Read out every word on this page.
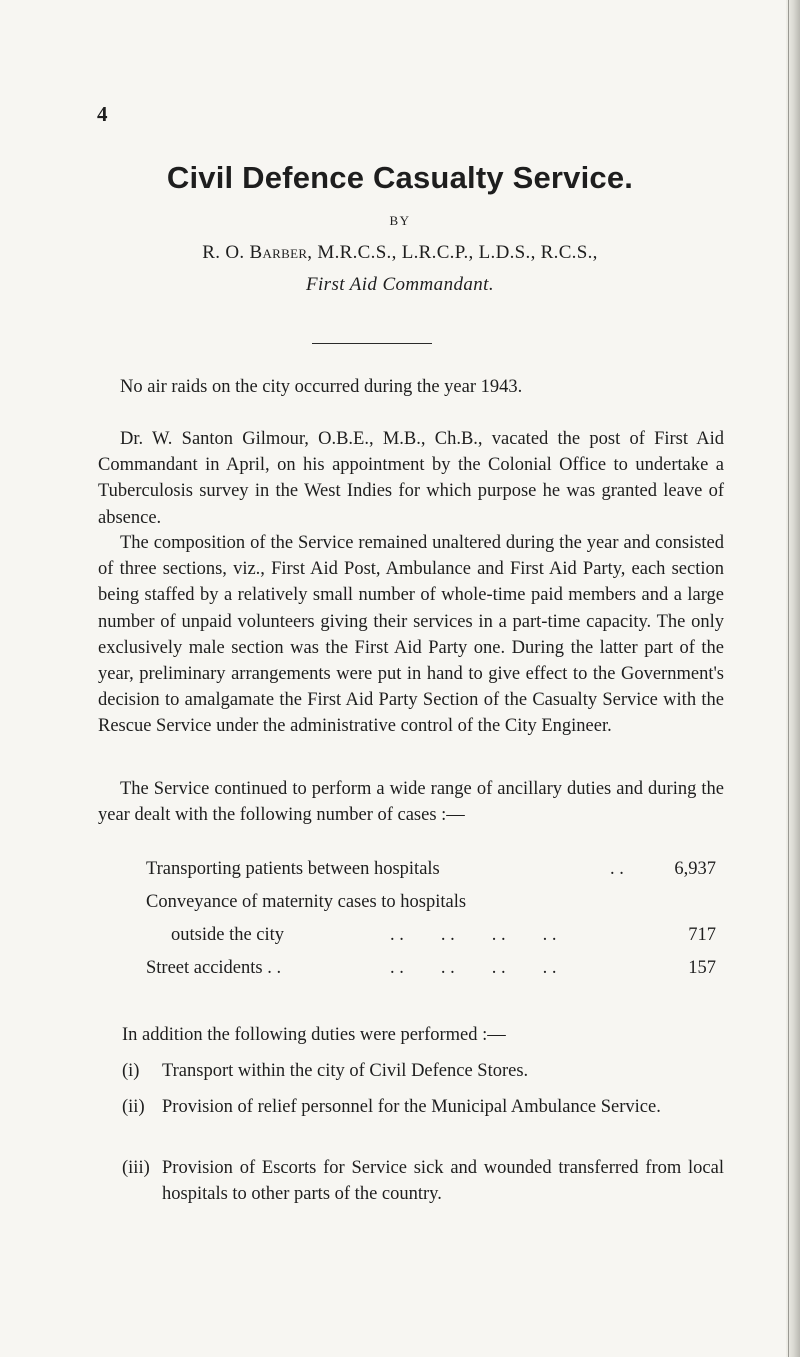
4
Civil Defence Casualty Service.
BY
R. O. Barber, M.R.C.S., L.R.C.P., L.D.S., R.C.S.,
First Aid Commandant.

No air raids on the city occurred during the year 1943.

Dr. W. Santon Gilmour, O.B.E., M.B., Ch.B., vacated the post of First Aid Commandant in April, on his appointment by the Colonial Office to undertake a Tuberculosis survey in the West Indies for which purpose he was granted leave of absence.

The composition of the Service remained unaltered during the year and consisted of three sections, viz., First Aid Post, Ambulance and First Aid Party, each section being staffed by a relatively small number of whole-time paid members and a large number of unpaid volunteers giving their services in a part-time capacity. The only exclusively male section was the First Aid Party one. During the latter part of the year, preliminary arrangements were put in hand to give effect to the Government's decision to amalgamate the First Aid Party Section of the Casualty Service with the Rescue Service under the administrative control of the City Engineer.

The Service continued to perform a wide range of ancillary duties and during the year dealt with the following number of cases :—

Transporting patients between hospitals	. .	6,937
Conveyance of maternity cases to hospitals
outside the city	. .        . .        . .        . .	717
Street accidents . .	. .        . .        . .        . .	157
In addition the following duties were performed :—
(i) Transport within the city of Civil Defence Stores.
(ii) Provision of relief personnel for the Municipal Ambulance Service.
(iii) Provision of Escorts for Service sick and wounded transferred from local hospitals to other parts of the country.
